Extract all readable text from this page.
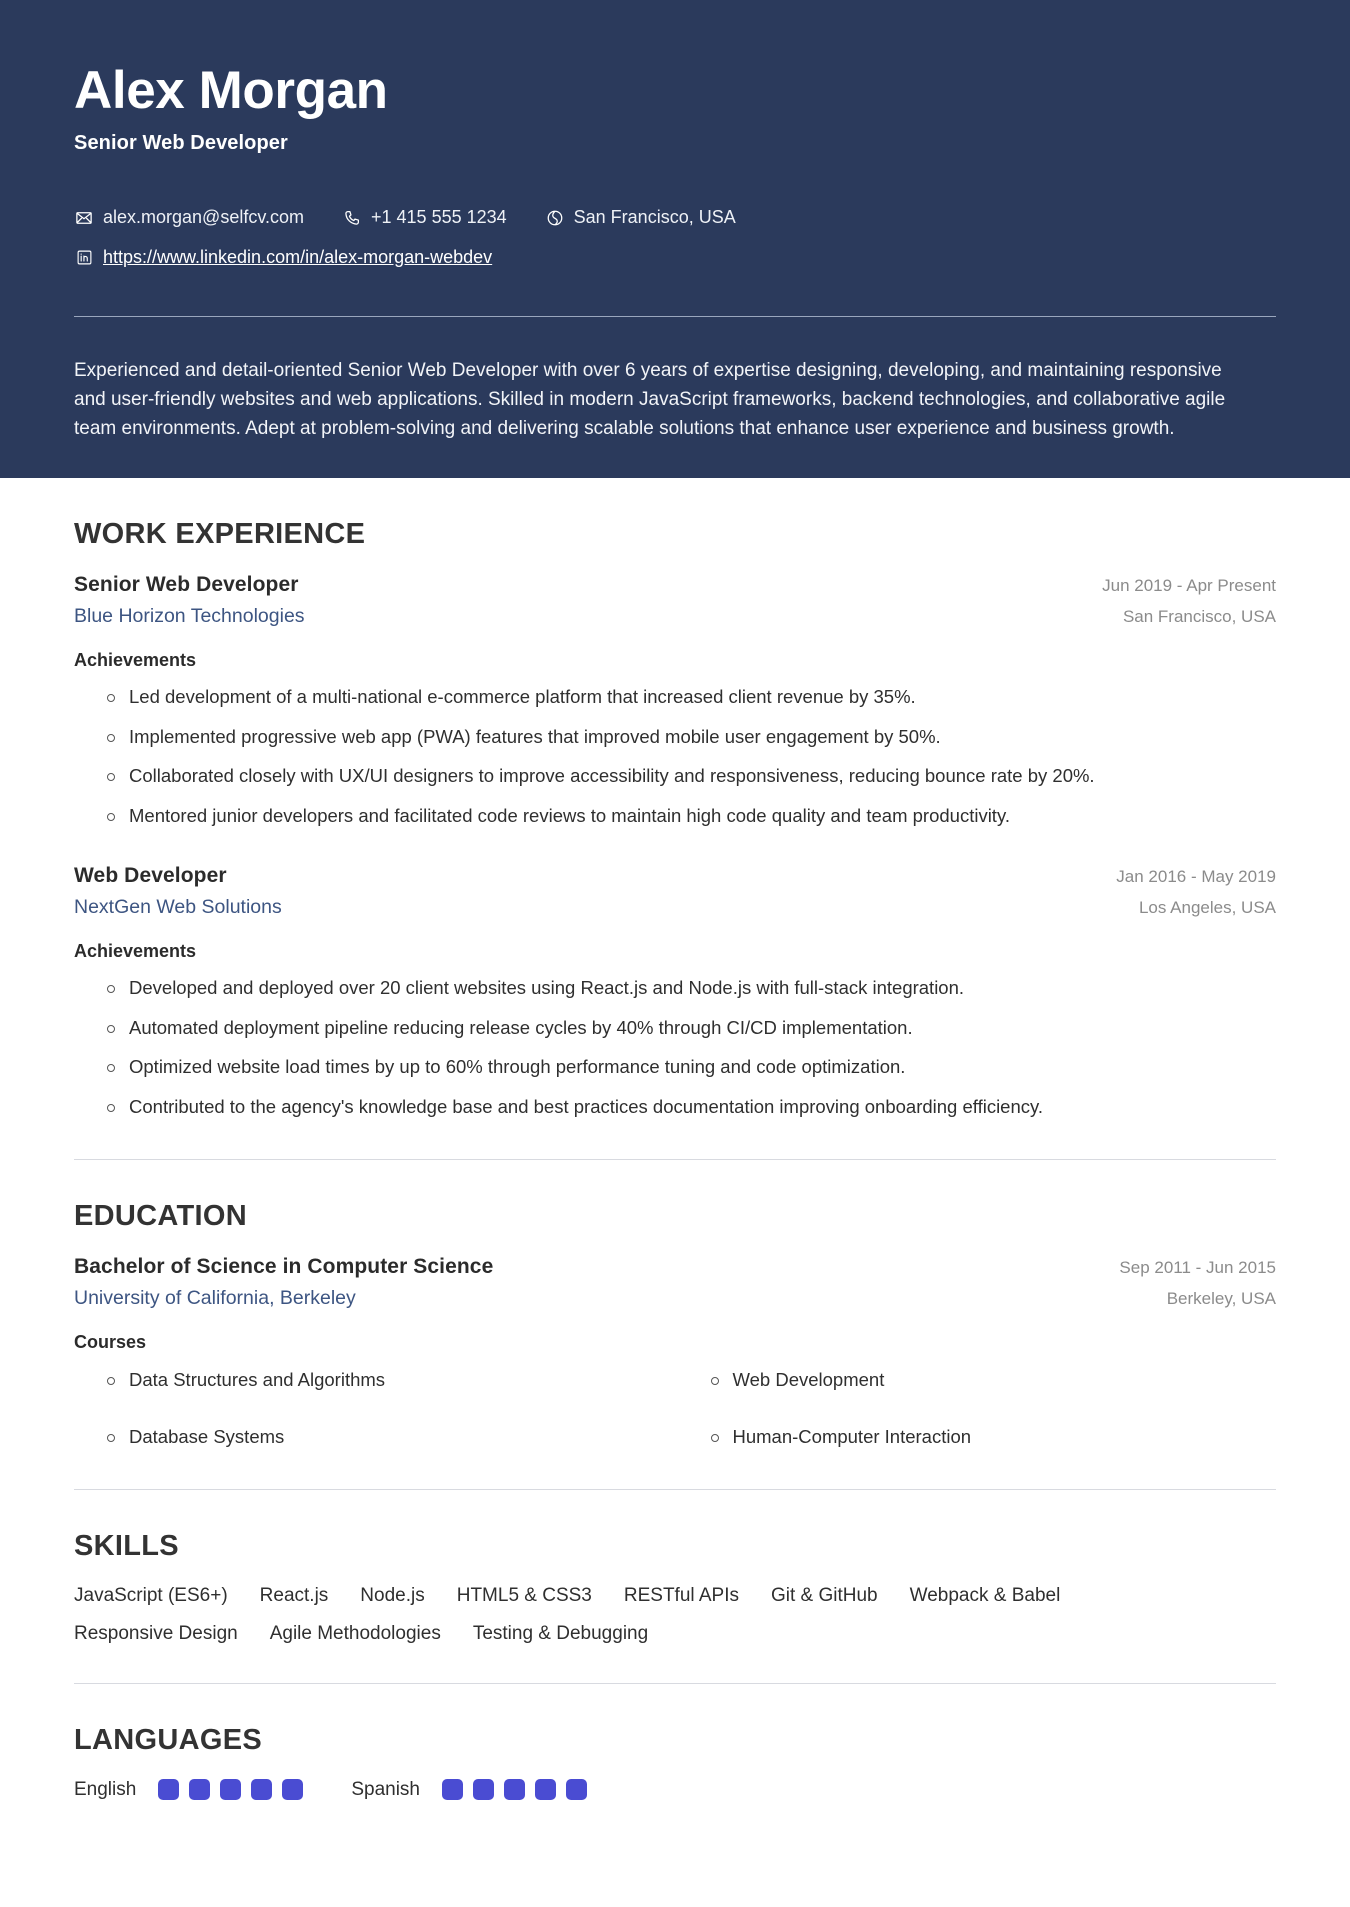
Alex Morgan
Senior Web Developer
alex.morgan@selfcv.com	+1 415 555 1234	San Francisco, USA
https://www.linkedin.com/in/alex-morgan-webdev
Experienced and detail-oriented Senior Web Developer with over 6 years of expertise designing, developing, and maintaining responsive and user-friendly websites and web applications. Skilled in modern JavaScript frameworks, backend technologies, and collaborative agile team environments. Adept at problem-solving and delivering scalable solutions that enhance user experience and business growth.
WORK EXPERIENCE
Senior Web Developer	Jun 2019 - Apr Present
Blue Horizon Technologies	San Francisco, USA
Achievements
Led development of a multi-national e-commerce platform that increased client revenue by 35%.
Implemented progressive web app (PWA) features that improved mobile user engagement by 50%.
Collaborated closely with UX/UI designers to improve accessibility and responsiveness, reducing bounce rate by 20%.
Mentored junior developers and facilitated code reviews to maintain high code quality and team productivity.
Web Developer	Jan 2016 - May 2019
NextGen Web Solutions	Los Angeles, USA
Achievements
Developed and deployed over 20 client websites using React.js and Node.js with full-stack integration.
Automated deployment pipeline reducing release cycles by 40% through CI/CD implementation.
Optimized website load times by up to 60% through performance tuning and code optimization.
Contributed to the agency's knowledge base and best practices documentation improving onboarding efficiency.
EDUCATION
Bachelor of Science in Computer Science	Sep 2011 - Jun 2015
University of California, Berkeley	Berkeley, USA
Courses
Data Structures and Algorithms	Web Development
Database Systems	Human-Computer Interaction
SKILLS
JavaScript (ES6+) React.js Node.js HTML5 & CSS3 RESTful APIs Git & GitHub Webpack & Babel
Responsive Design Agile Methodologies Testing & Debugging
LANGUAGES
English	Spanish
